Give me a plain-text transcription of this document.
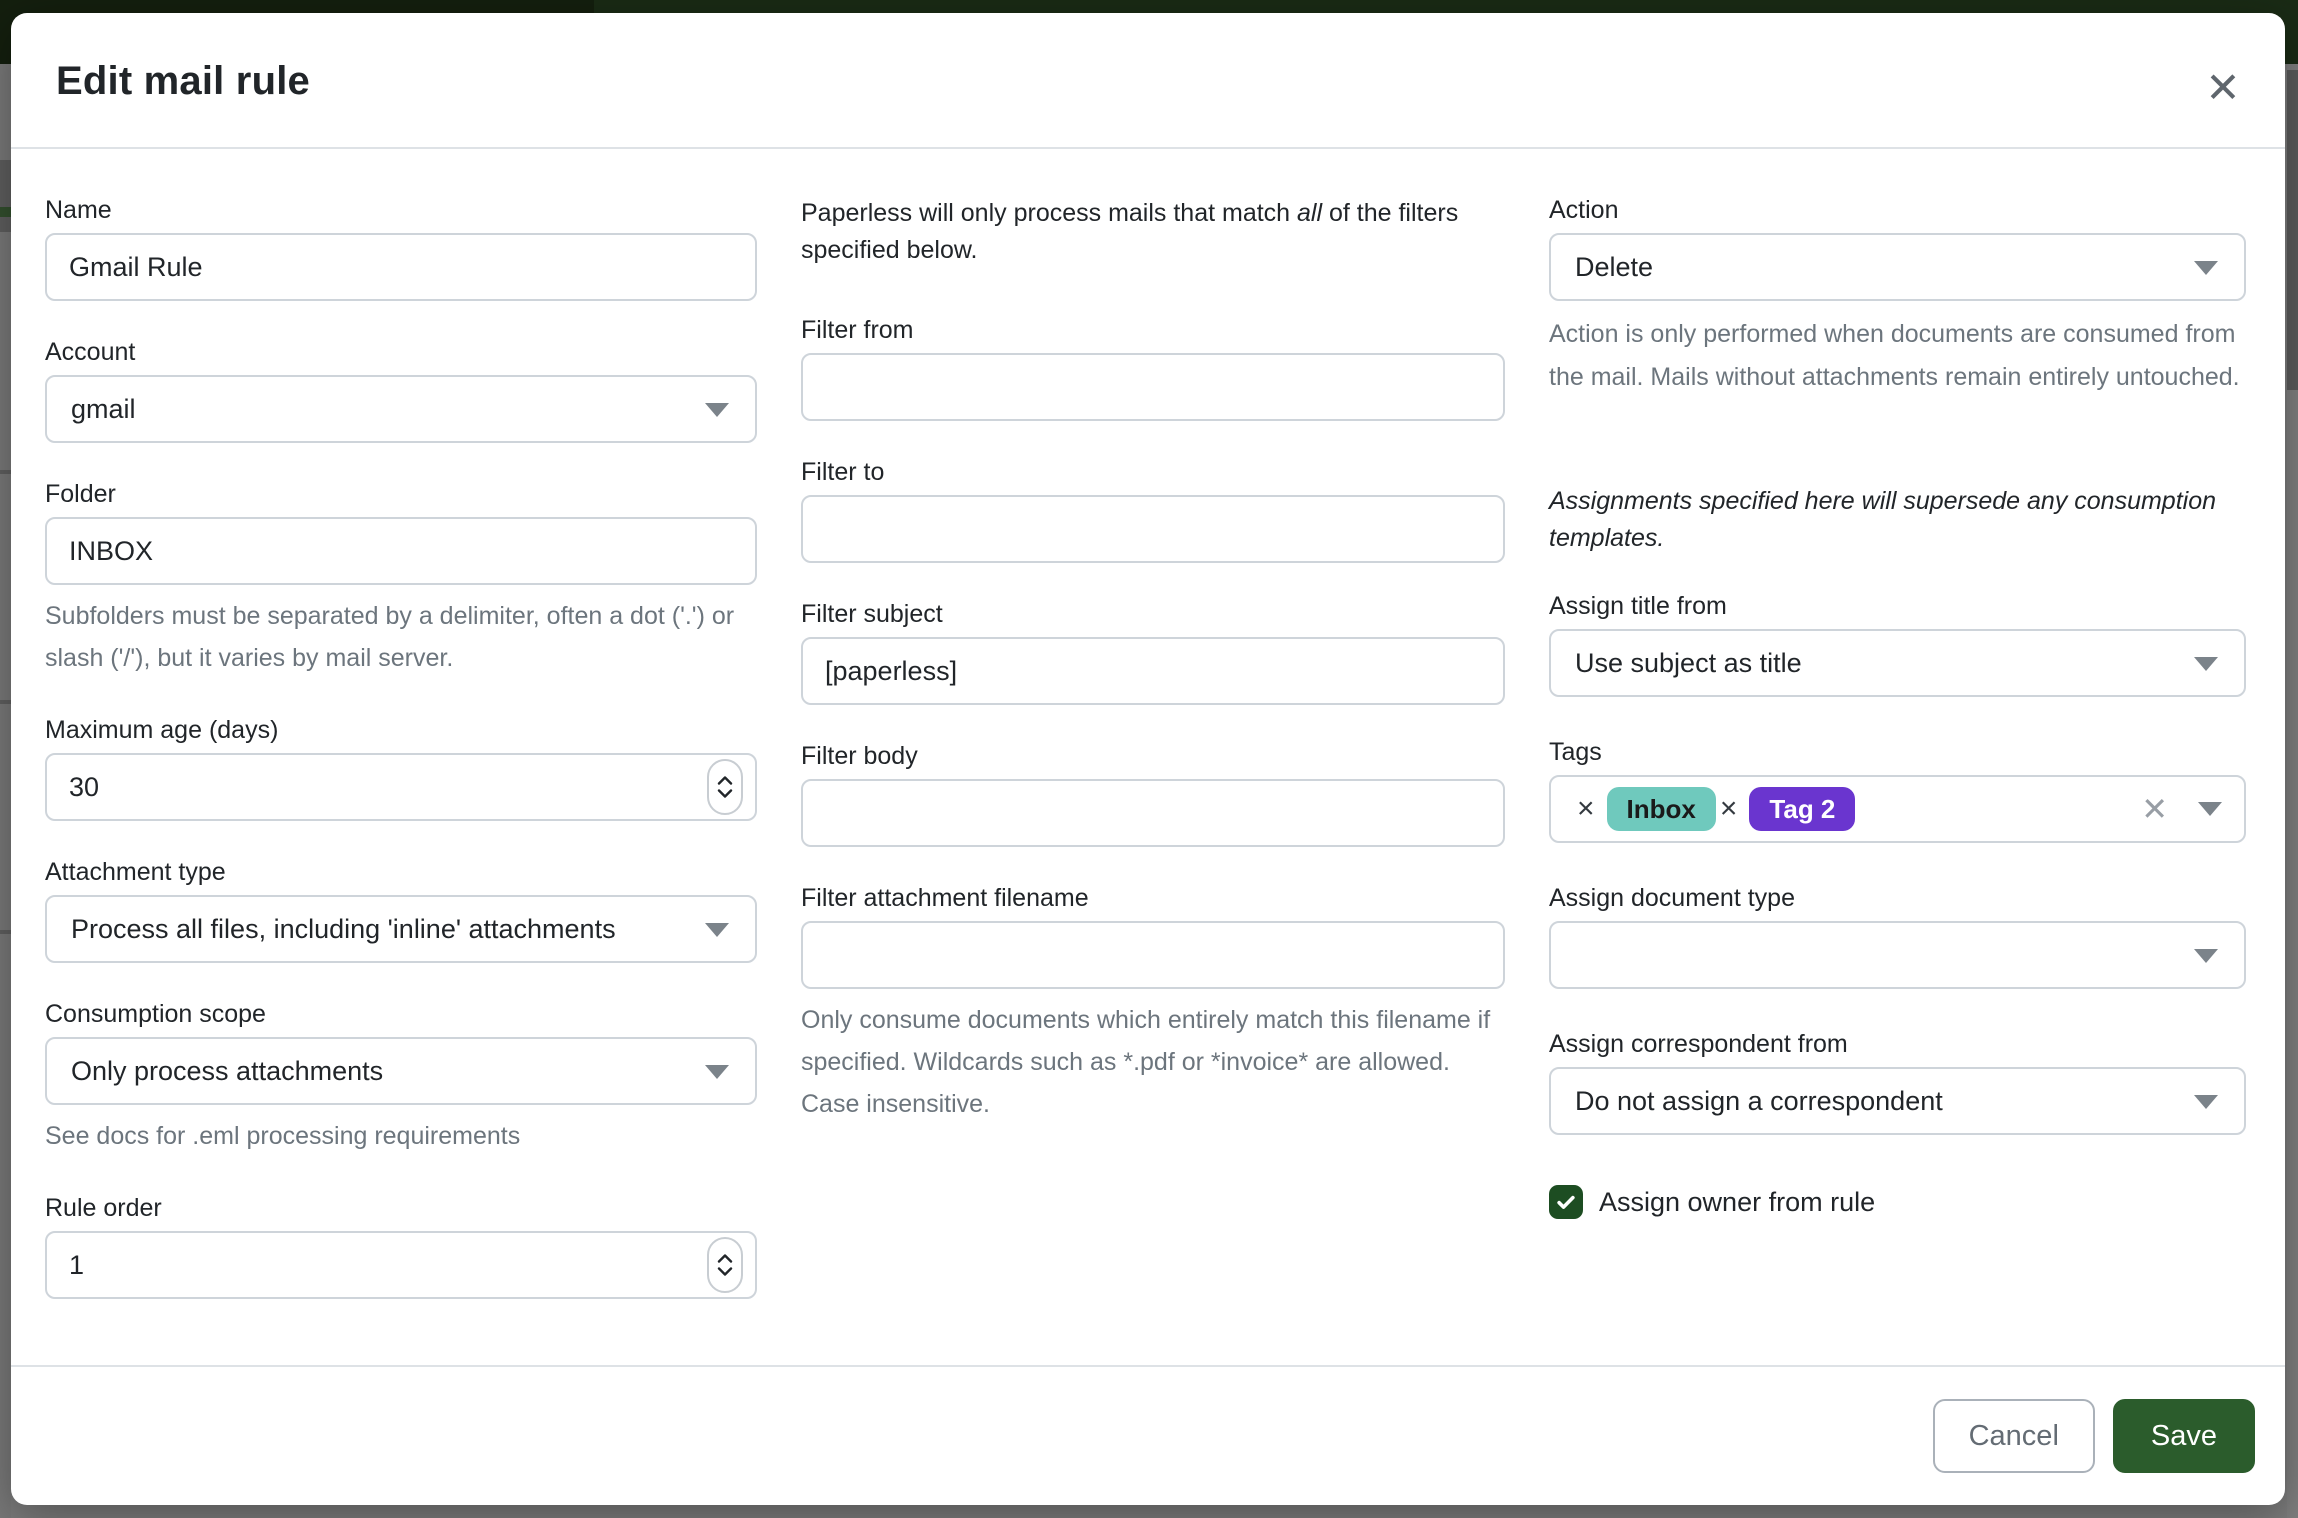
Edit mail rule	✕
Name
Gmail Rule
Account
gmail
Folder
INBOX
Subfolders must be separated by a delimiter, often a dot ('.') or slash ('/'), but it varies by mail server.
Maximum age (days)
30
Attachment type
Process all files, including 'inline' attachments
Consumption scope
Only process attachments
See docs for .eml processing requirements
Rule order
1

Paperless will only process mails that match all of the filters specified below.

Filter from
Filter to
Filter subject
[paperless]
Filter body
Filter attachment filename
Only consume documents which entirely match this filename if specified. Wildcards such as *.pdf or *invoice* are allowed. Case insensitive.
Action
Delete
Action is only performed when documents are consumed from the mail. Mails without attachments remain entirely untouched.

Assignments specified here will supersede any consumption templates.

Assign title from
Use subject as title
Tags
×	Inbox ×	Tag 2	✕
Assign document type
Assign correspondent from
Do not assign a correspondent
Assign owner from rule
Cancel	Save
